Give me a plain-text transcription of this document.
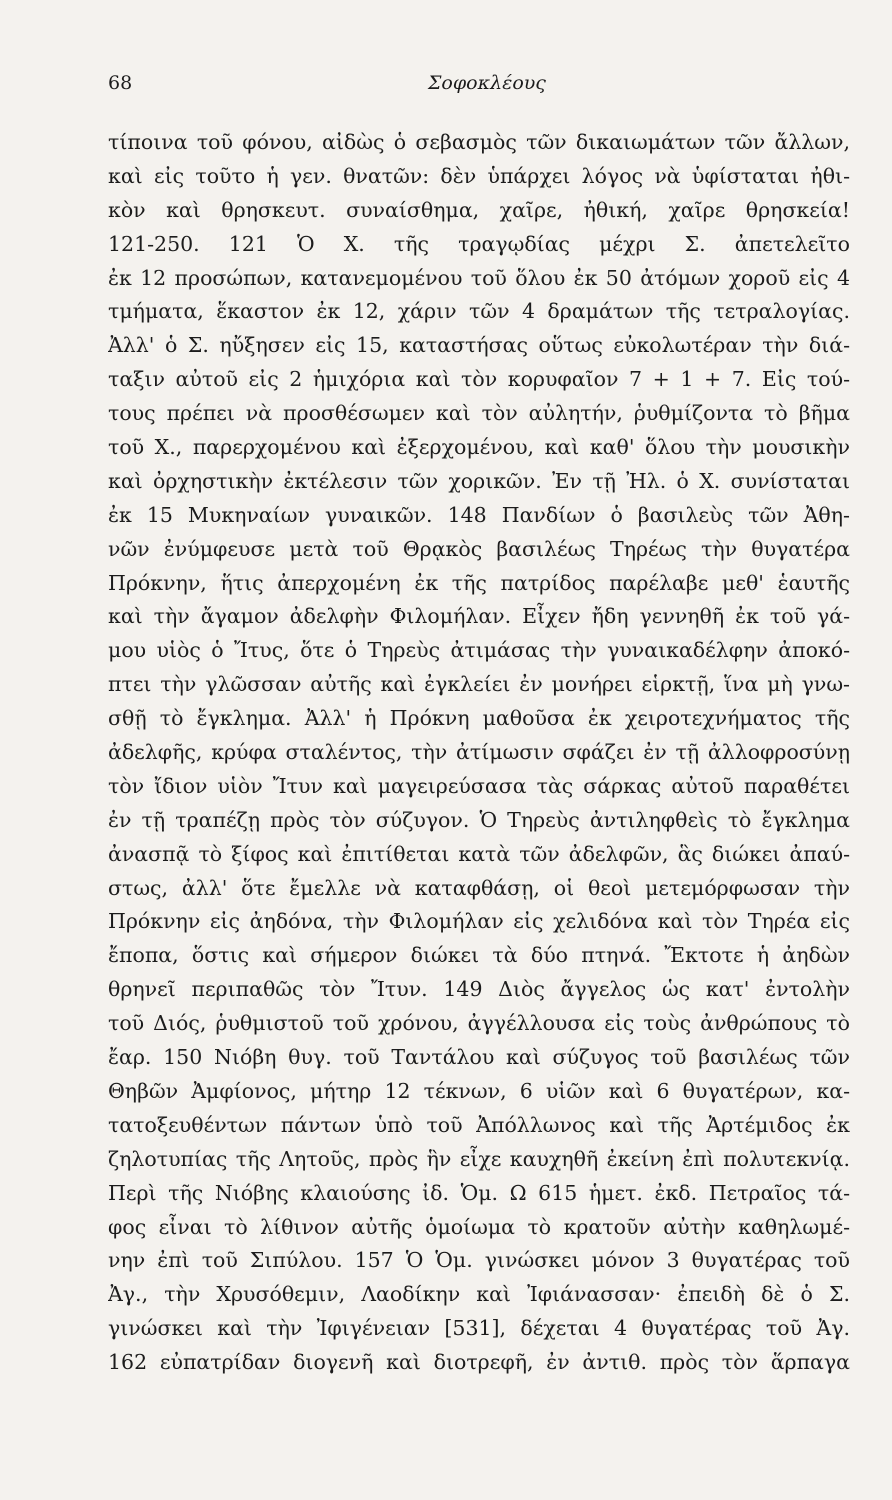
68	Σοφοκλέους
τίποινα τοῦ φόνου, αἰδὼς ὁ σεβασμὸς τῶν δικαιωμάτων τῶν ἄλλων,
καὶ εἰς τοῦτο ἡ γεν. θνατῶν: δὲν ὑπάρχει λόγος νὰ ὑφίσταται ἠθι-
κὸν καὶ θρησκευτ. συναίσθημα, χαῖρε, ἠθική, χαῖρε θρησκεία!
121-250. 121 Ὁ Χ. τῆς τραγῳδίας μέχρι Σ. ἀπετελεῖτο
ἐκ 12 προσώπων, κατανεμομένου τοῦ ὅλου ἐκ 50 ἀτόμων χοροῦ εἰς 4
τμήματα, ἕκαστον ἐκ 12, χάριν τῶν 4 δραμάτων τῆς τετραλογίας.
Ἀλλ' ὁ Σ. ηὔξησεν εἰς 15, καταστήσας οὕτως εὐκολωτέραν τὴν διά-
ταξιν αὐτοῦ εἰς 2 ἡμιχόρια καὶ τὸν κορυφαῖον 7 + 1 + 7. Εἰς τού-
τους πρέπει νὰ προσθέσωμεν καὶ τὸν αὐλητήν, ῥυθμίζοντα τὸ βῆμα
τοῦ Χ., παρερχομένου καὶ ἐξερχομένου, καὶ καθ' ὅλου τὴν μουσικὴν
καὶ ὀρχηστικὴν ἐκτέλεσιν τῶν χορικῶν. Ἐν τῇ Ἠλ. ὁ Χ. συνίσταται
ἐκ 15 Μυκηναίων γυναικῶν. 148 Πανδίων ὁ βασιλεὺς τῶν Ἀθη-
νῶν ἐνύμφευσε μετὰ τοῦ Θρᾳκὸς βασιλέως Τηρέως τὴν θυγατέρα
Πρόκνην, ἥτις ἀπερχομένη ἐκ τῆς πατρίδος παρέλαβε μεθ' ἑαυτῆς
καὶ τὴν ἄγαμον ἀδελφὴν Φιλομήλαν. Εἶχεν ἤδη γεννηθῆ ἐκ τοῦ γά-
μου υἱὸς ὁ Ἴτυς, ὅτε ὁ Τηρεὺς ἀτιμάσας τὴν γυναικαδέλφην ἀποκό-
πτει τὴν γλῶσσαν αὐτῆς καὶ ἐγκλείει ἐν μονήρει εἱρκτῇ, ἵνα μὴ γνω-
σθῇ τὸ ἔγκλημα. Ἀλλ' ἡ Πρόκνη μαθοῦσα ἐκ χειροτεχνήματος τῆς
ἀδελφῆς, κρύφα σταλέντος, τὴν ἀτίμωσιν σφάζει ἐν τῇ ἀλλοφροσύνῃ
τὸν ἴδιον υἱὸν Ἴτυν καὶ μαγειρεύσασα τὰς σάρκας αὐτοῦ παραθέτει
ἐν τῇ τραπέζῃ πρὸς τὸν σύζυγον. Ὁ Τηρεὺς ἀντιληφθεὶς τὸ ἔγκλημα
ἀνασπᾷ τὸ ξίφος καὶ ἐπιτίθεται κατὰ τῶν ἀδελφῶν, ἃς διώκει ἀπαύ-
στως, ἀλλ' ὅτε ἔμελλε νὰ καταφθάσῃ, οἱ θεοὶ μετεμόρφωσαν τὴν
Πρόκνην εἰς ἀηδόνα, τὴν Φιλομήλαν εἰς χελιδόνα καὶ τὸν Τηρέα εἰς
ἔποπα, ὅστις καὶ σήμερον διώκει τὰ δύο πτηνά. Ἔκτοτε ἡ ἀηδὼν
θρηνεῖ περιπαθῶς τὸν Ἴτυν. 149 Διὸς ἄγγελος ὡς κατ' ἐντολὴν
τοῦ Διός, ῥυθμιστοῦ τοῦ χρόνου, ἀγγέλλουσα εἰς τοὺς ἀνθρώπους τὸ
ἔαρ. 150 Νιόβη θυγ. τοῦ Ταντάλου καὶ σύζυγος τοῦ βασιλέως τῶν
Θηβῶν Ἀμφίονος, μήτηρ 12 τέκνων, 6 υἱῶν καὶ 6 θυγατέρων, κα-
τατοξευθέντων πάντων ὑπὸ τοῦ Ἀπόλλωνος καὶ τῆς Ἀρτέμιδος ἐκ
ζηλοτυπίας τῆς Λητοῦς, πρὸς ἣν εἶχε καυχηθῆ ἐκείνη ἐπὶ πολυτεκνίᾳ.
Περὶ τῆς Νιόβης κλαιούσης ἰδ. Ὁμ. Ω 615 ἡμετ. ἐκδ. Πετραῖος τά-
φος εἶναι τὸ λίθινον αὐτῆς ὁμοίωμα τὸ κρατοῦν αὐτὴν καθηλωμέ-
νην ἐπὶ τοῦ Σιπύλου. 157 Ὁ Ὁμ. γινώσκει μόνον 3 θυγατέρας τοῦ
Ἀγ., τὴν Χρυσόθεμιν, Λαοδίκην καὶ Ἰφιάνασσαν· ἐπειδὴ δὲ ὁ Σ.
γινώσκει καὶ τὴν Ἰφιγένειαν [531], δέχεται 4 θυγατέρας τοῦ Ἀγ.
162 εὐπατρίδαν διογενῆ καὶ διοτρεφῆ, ἐν ἀντιθ. πρὸς τὸν ἅρπαγα
